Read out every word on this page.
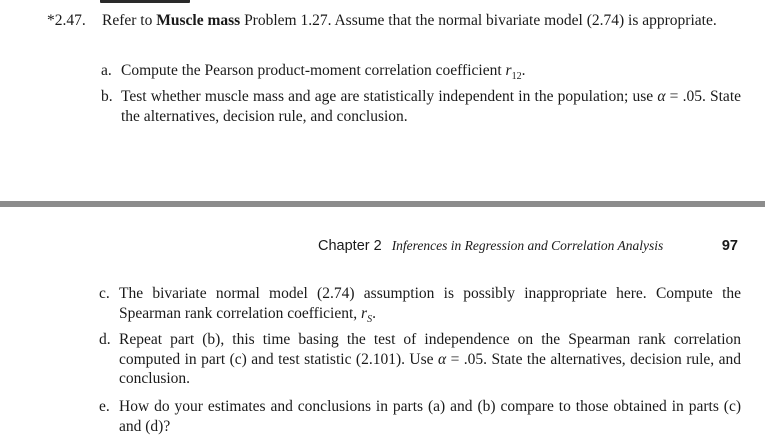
*2.47. Refer to Muscle mass Problem 1.27. Assume that the normal bivariate model (2.74) is appropriate.
a. Compute the Pearson product-moment correlation coefficient $r_{12}$.
b. Test whether muscle mass and age are statistically independent in the population; use α = .05. State the alternatives, decision rule, and conclusion.
Chapter 2 Inferences in Regression and Correlation Analysis	97
c. The bivariate normal model (2.74) assumption is possibly inappropriate here. Compute the Spearman rank correlation coefficient, $r_S$.
d. Repeat part (b), this time basing the test of independence on the Spearman rank correlation computed in part (c) and test statistic (2.101). Use α = .05. State the alternatives, decision rule, and conclusion.
e. How do your estimates and conclusions in parts (a) and (b) compare to those obtained in parts (c) and (d)?
